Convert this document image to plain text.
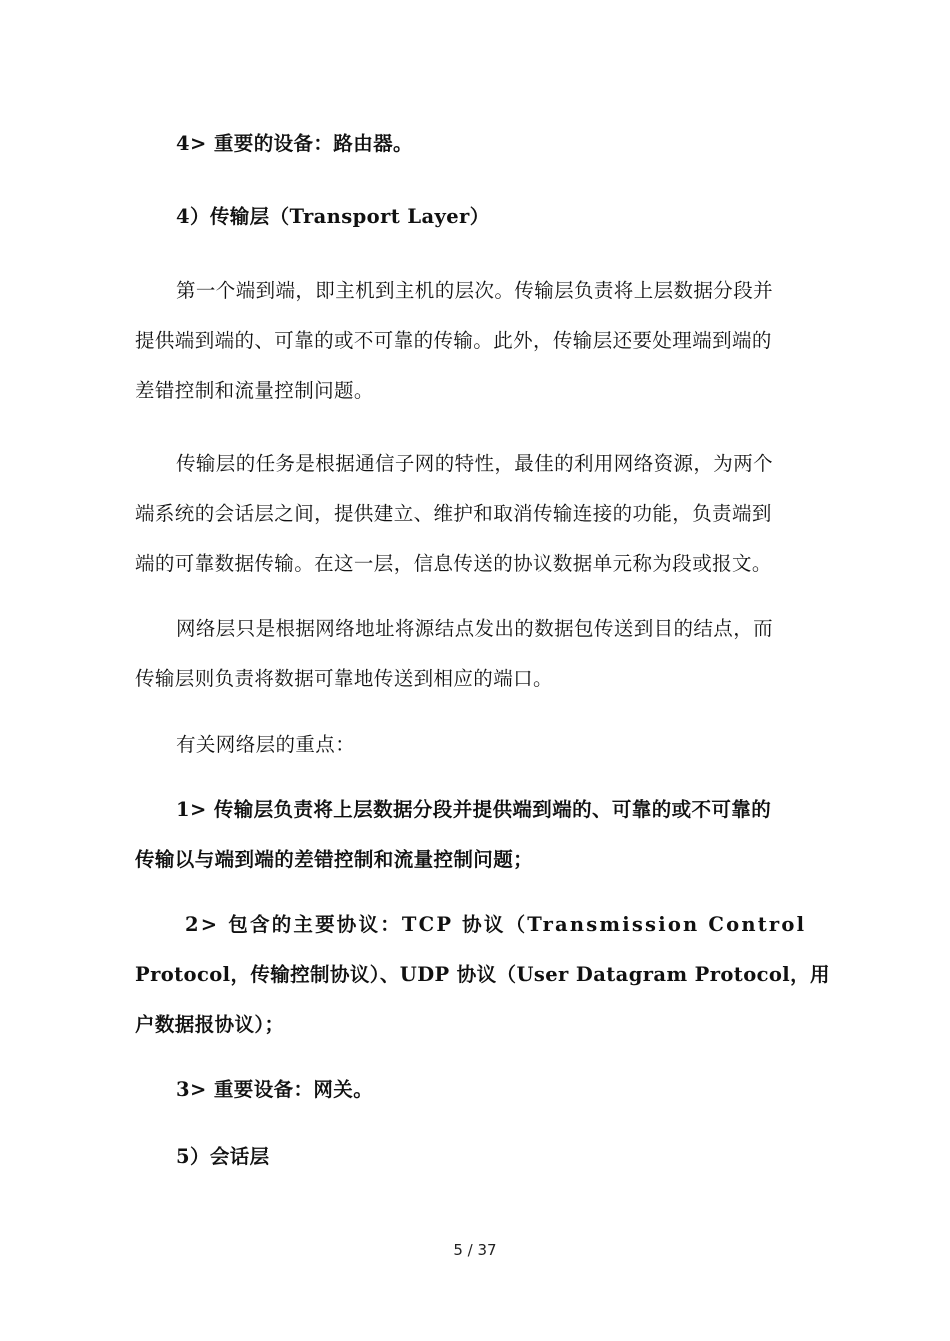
4> 重要的设备：路由器。

4）传输层（Transport Layer）

第一个端到端，即主机到主机的层次。传输层负责将上层数据分段并

提供端到端的、可靠的或不可靠的传输。此外，传输层还要处理端到端的

差错控制和流量控制问题。

传输层的任务是根据通信子网的特性，最佳的利用网络资源，为两个

端系统的会话层之间，提供建立、维护和取消传输连接的功能，负责端到

端的可靠数据传输。在这一层，信息传送的协议数据单元称为段或报文。

网络层只是根据网络地址将源结点发出的数据包传送到目的结点，而

传输层则负责将数据可靠地传送到相应的端口。

有关网络层的重点：

1> 传输层负责将上层数据分段并提供端到端的、可靠的或不可靠的

传输以与端到端的差错控制和流量控制问题；

2> 包含的主要协议：TCP 协议（Transmission Control

Protocol，传输控制协议）、UDP 协议（User Datagram Protocol，用

户数据报协议）；

3> 重要设备：网关。

5）会话层

5 / 37
